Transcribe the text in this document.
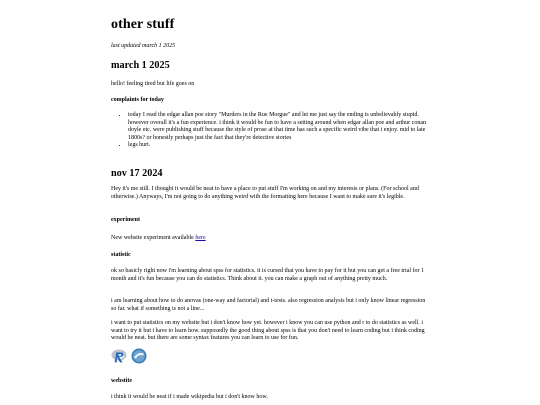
other stuff
last updated march 1 2025
march 1 2025

hello! feeling tired but life goes on

complaints for today
• today I read the edgar allan poe story "Murders in the Rue Morgue" and let me just say the ending is unbelievably stupid. however overall it's a fun experience. i think it would be fun to have a setting around when edgar allan poe and arthur conan doyle etc. were publishing stuff because the style of prose at that time has such a specific weird vibe that i enjoy. mid to late 1800s? or honestly perhaps just the fact that they're detective stories
• legs hurt.
nov 17 2024

Hey it's me still. I thought it would be neat to have a place to put stuff I'm working on and my interests or plans. (For school and otherwise.) Anyways, I'm not going to do anything weird with the formatting here because I want to make sure it's legible.

experiment

New website experiment available here

statistic

ok so basicly right now i'm learning about spss for statistics. it is cursed that you have to pay for it but you can get a free trial for 1 month and it's fun because you can do statistics. Think about it. you can make a graph out of anything pretty much.

i am learning about how to do anovas (one-way and factorial) and t-tests. also regression analysis but i only know linear regression so far. what if something is not a line...

i want to put statistics on my website but i don't know how yet. however i know you can use python and r to do statistics as well. i want to try it but i have to learn how. supposedly the good thing about spss is that you don't need to learn coding but i think coding would be neat. but there are some syntax features you can learn to use for fun.

webstite

i think it would be neat if i made wikipedia but i don't know how.
